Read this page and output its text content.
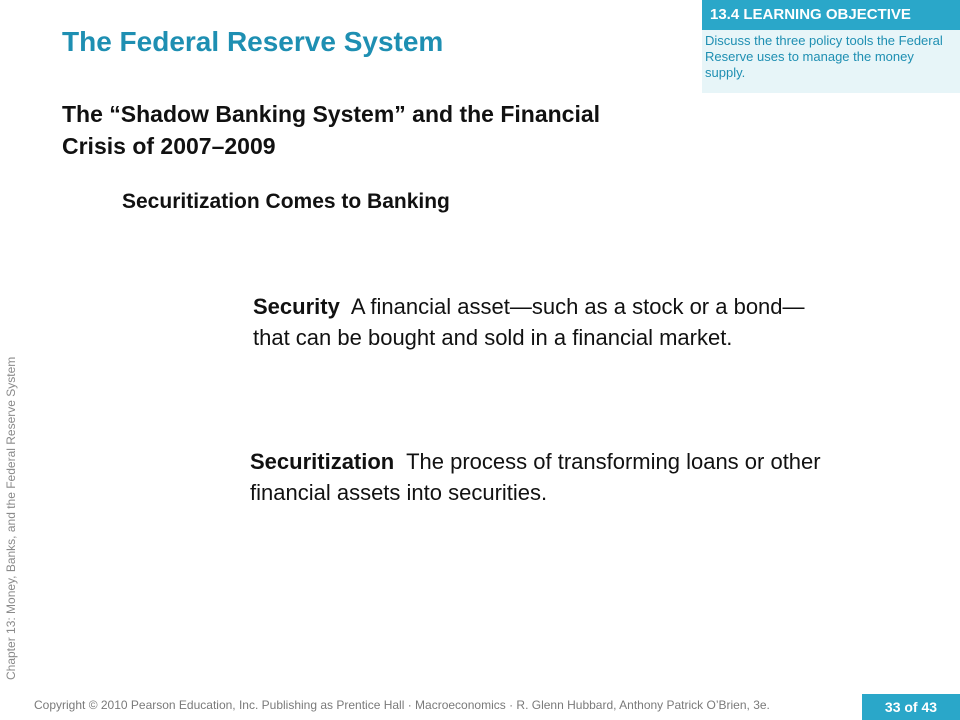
13.4 LEARNING OBJECTIVE
Discuss the three policy tools the Federal Reserve uses to manage the money supply.
The Federal Reserve System
The “Shadow Banking System” and the Financial Crisis of 2007–2009
Securitization Comes to Banking
Security A financial asset—such as a stock or a bond—that can be bought and sold in a financial market.
Securitization The process of transforming loans or other financial assets into securities.
Chapter 13: Money, Banks, and the Federal Reserve System
Copyright © 2010 Pearson Education, Inc. Publishing as Prentice Hall · Macroeconomics · R. Glenn Hubbard, Anthony Patrick O’Brien, 3e.	33 of 43
